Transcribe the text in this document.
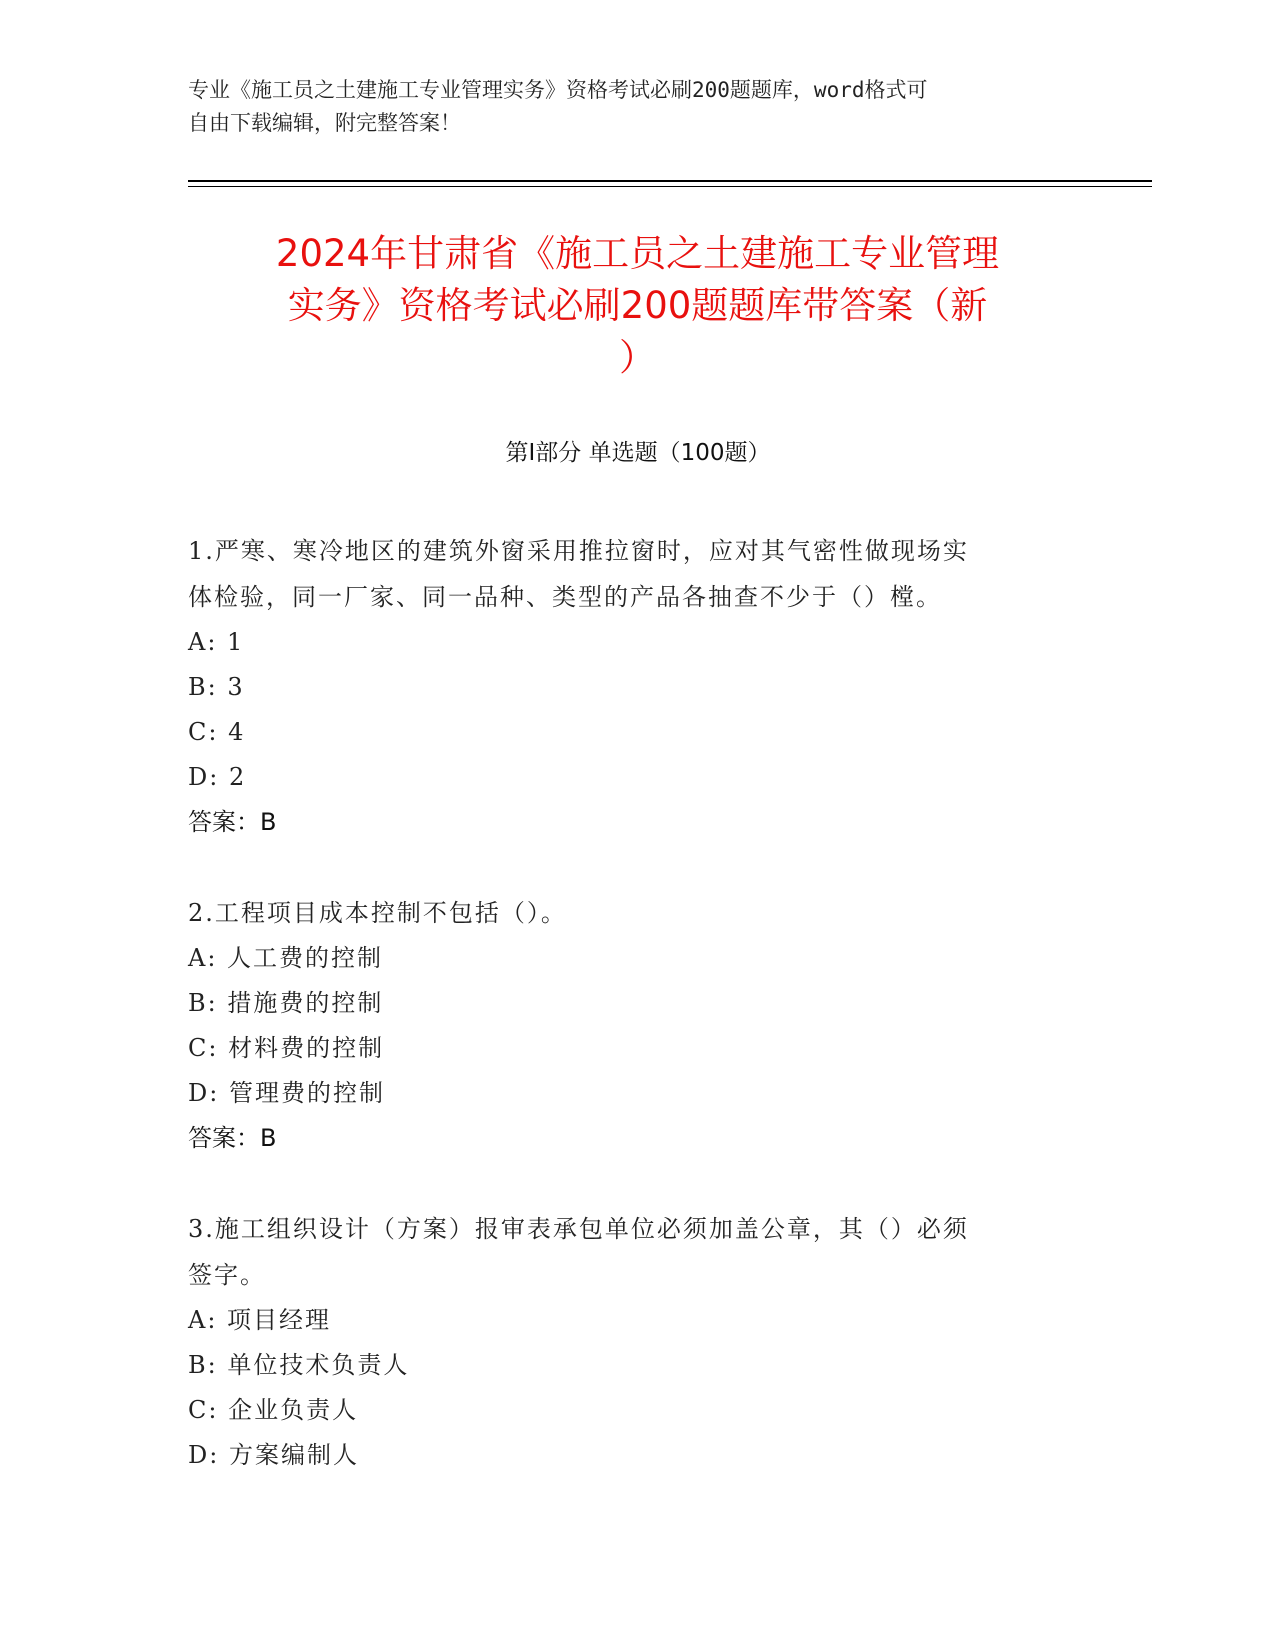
专业《施工员之土建施工专业管理实务》资格考试必刷200题题库，word格式可
自由下载编辑，附完整答案！
2024年甘肃省《施工员之土建施工专业管理
实务》资格考试必刷200题题库带答案（新
）
第Ⅰ部分 单选题（100题）

1.严寒、寒冷地区的建筑外窗采用推拉窗时，应对其气密性做现场实

体检验，同一厂家、同一品种、类型的产品各抽查不少于（）樘。

A: 1

B: 3

C: 4

D: 2

答案：B

2.工程项目成本控制不包括（）。

A: 人工费的控制

B: 措施费的控制

C: 材料费的控制

D: 管理费的控制

答案：B

3.施工组织设计（方案）报审表承包单位必须加盖公章，其（）必须

签字。

A: 项目经理

B: 单位技术负责人

C: 企业负责人

D: 方案编制人
